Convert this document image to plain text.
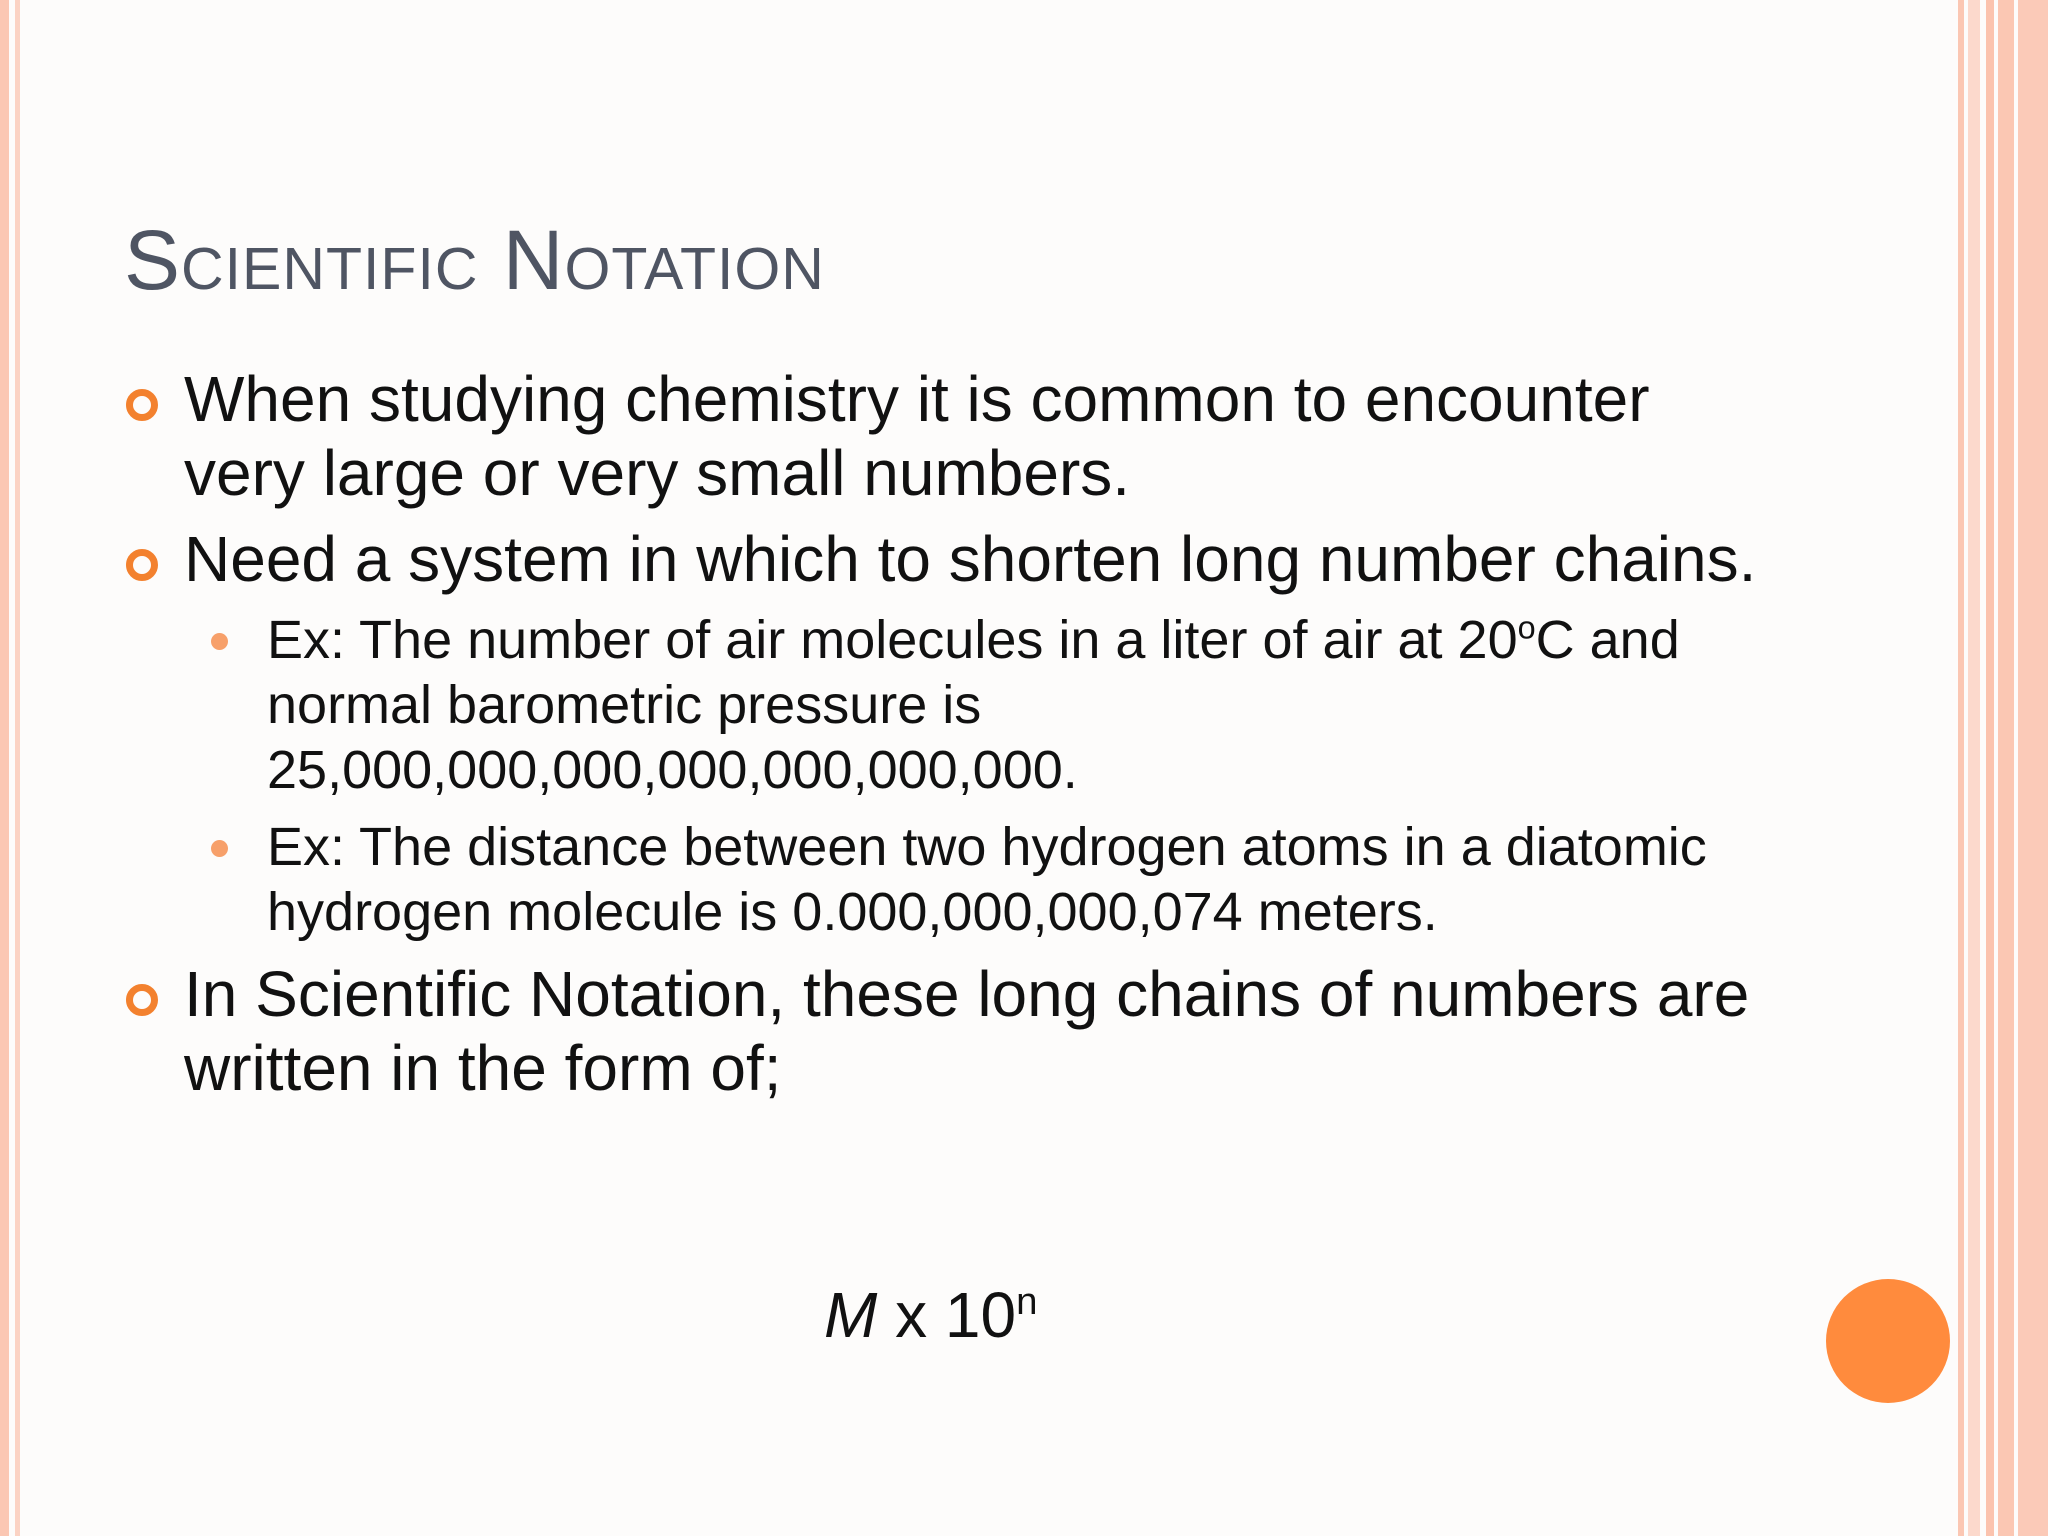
Scientific Notation
When studying chemistry it is common to encounter very large or very small numbers.
Need a system in which to shorten long number chains.
Ex: The number of air molecules in a liter of air at 20$^o$C and normal barometric pressure is 25,000,000,000,000,000,000,000.
Ex: The distance between two hydrogen atoms in a diatomic hydrogen molecule is 0.000,000,000,074 meters.
In Scientific Notation, these long chains of numbers are written in the form of;
M x 10$^n$
